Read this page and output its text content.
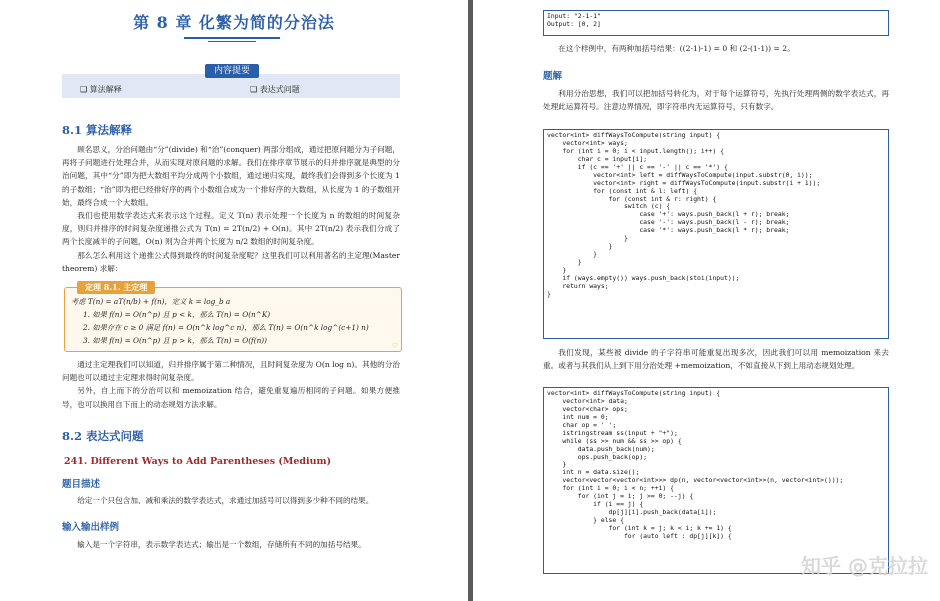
第 8 章 化繁为简的分治法
内容提要
❑ 算法解释	❑ 表达式问题
8.1 算法解释

顾名思义，分治问题由“分”(divide) 和“治”(conquer) 两部分组成，通过把原问题分为子问题，再将子问题进行处理合并，从而实现对原问题的求解。我们在排序章节展示的归并排序就是典型的分治问题，其中“分”即为把大数组平均分成两个小数组，通过递归实现，最终我们会得到多个长度为 1 的子数组；“治”即为把已经排好序的两个小数组合成为一个排好序的大数组，从长度为 1 的子数组开始，最终合成一个大数组。

我们也使用数学表达式来表示这个过程。定义 T(n) 表示处理一个长度为 n 的数组的时间复杂度，则归并排序的时间复杂度递推公式为 T(n) = 2T(n/2) + O(n)。其中 2T(n/2) 表示我们分成了两个长度减半的子问题，O(n) 则为合并两个长度为 n/2 数组的时间复杂度。

那么怎么利用这个递推公式得到最终的时间复杂度呢？这里我们可以利用著名的主定理(Master theorem) 求解：

定理 8.1. 主定理
考虑 T(n) = aT(n/b) + f(n)，定义 k = log_b a
1. 如果 f(n) = O(n^p) 且 p < k，那么 T(n) = O(n^K)
2. 如果存在 c ≥ 0 满足 f(n) = O(n^k log^c n)，那么 T(n) = O(n^k log^(c+1) n)
3. 如果 f(n) = O(n^p) 且 p > k，那么 T(n) = O(f(n))
♡

通过主定理我们可以知道，归并排序属于第二种情况，且时间复杂度为 O(n log n)。其他的分治问题也可以通过主定理求得时间复杂度。

另外，自上而下的分治可以和 memoization 结合，避免重复遍历相同的子问题。如果方便推导，也可以换用自下而上的动态规划方法求解。

8.2 表达式问题
241. Different Ways to Add Parentheses (Medium)
题目描述

给定一个只包含加、减和乘法的数学表达式，求通过加括号可以得到多少种不同的结果。

输入输出样例

输入是一个字符串，表示数学表达式；输出是一个数组，存储所有不同的加括号结果。

Input: "2-1-1"
Output: [0, 2]

在这个样例中，有两种加括号结果：((2-1)-1) = 0 和 (2-(1-1)) = 2。

题解

利用分治思想，我们可以把加括号转化为，对于每个运算符号，先执行处理两侧的数学表达式，再处理此运算符号。注意边界情况，即字符串内无运算符号，只有数字。

vector<int> diffWaysToCompute(string input) {
vector<int> ways;
for (int i = 0; i < input.length(); i++) {
char c = input[i];
if (c == '+' || c == '-' || c == '*') {
vector<int> left = diffWaysToCompute(input.substr(0, i));
vector<int> right = diffWaysToCompute(input.substr(i + 1));
for (const int & l: left) {
for (const int & r: right) {
switch (c) {
case '+': ways.push_back(l + r); break;
case '-': ways.push_back(l - r); break;
case '*': ways.push_back(l * r); break;
}
}
}
}
}
if (ways.empty()) ways.push_back(stoi(input));
return ways;
}

我们发现，某些被 divide 的子字符串可能重复出现多次，因此我们可以用 memoization 来去重。或者与其我们从上到下用分治处理 +memoization，不如直接从下到上用动态规划处理。

vector<int> diffWaysToCompute(string input) {
vector<int> data;
vector<char> ops;
int num = 0;
char op = ' ';
istringstream ss(input + "+");
while (ss >> num && ss >> op) {
data.push_back(num);
ops.push_back(op);
}
int n = data.size();
vector<vector<vector<int>>> dp(n, vector<vector<int>>(n, vector<int>()));
for (int i = 0; i < n; ++i) {
for (int j = i; j >= 0; --j) {
if (i == j) {
dp[j][i].push_back(data[i]);
} else {
for (int k = j; k < i; k += 1) {
for (auto left : dp[j][k]) {
知乎 @克拉拉
